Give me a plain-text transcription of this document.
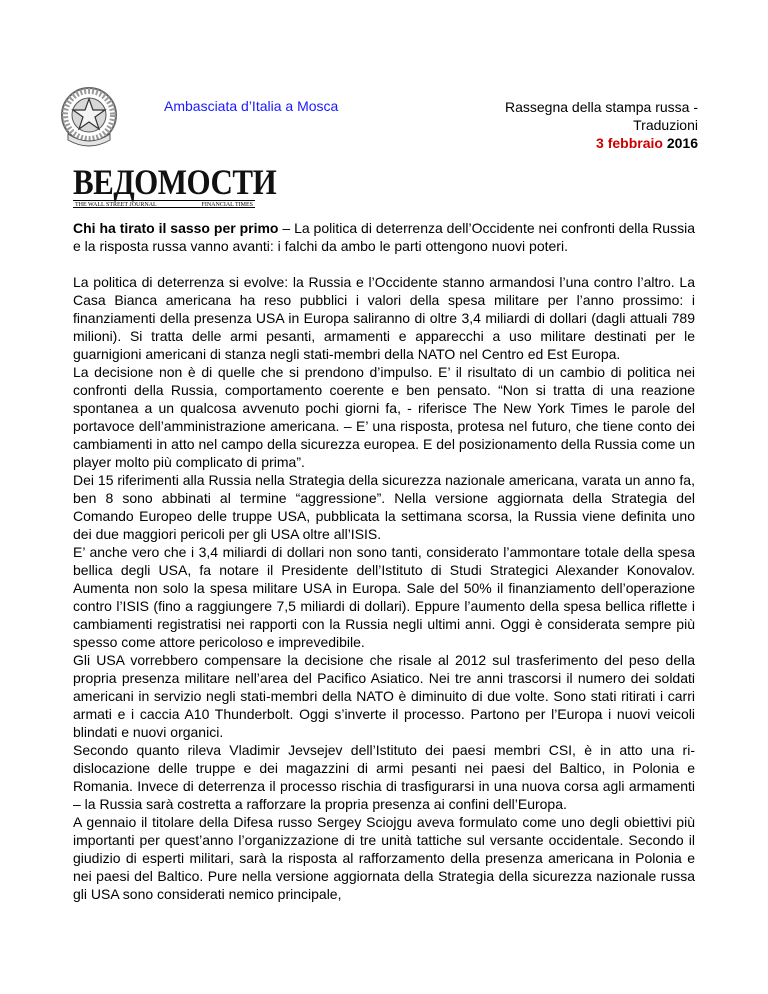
Ambasciata d’Italia a Mosca	Rassegna della stampa russa -
Traduzioni
3 febbraio 2016
ВЕДОМОСТИ
THE WALL STREET JOURNAL	FINANCIAL TIMES

Chi ha tirato il sasso per primo – La politica di deterrenza dell’Occidente nei confronti della Russia e la risposta russa vanno avanti: i falchi da ambo le parti ottengono nuovi poteri.

La politica di deterrenza si evolve: la Russia e l’Occidente stanno armandosi l’una contro l’altro. La Casa Bianca americana ha reso pubblici i valori della spesa militare per l’anno prossimo: i finanziamenti della presenza USA in Europa saliranno di oltre 3,4 miliardi di dollari (dagli attuali 789 milioni). Si tratta delle armi pesanti, armamenti e apparecchi a uso militare destinati per le guarnigioni americani di stanza negli stati-membri della NATO nel Centro ed Est Europa.

La decisione non è di quelle che si prendono d’impulso. E’ il risultato di un cambio di politica nei confronti della Russia, comportamento coerente e ben pensato. “Non si tratta di una reazione spontanea a un qualcosa avvenuto pochi giorni fa, - riferisce The New York Times le parole del portavoce dell’amministrazione americana. – E’ una risposta, protesa nel futuro, che tiene conto dei cambiamenti in atto nel campo della sicurezza europea. E del posizionamento della Russia come un player molto più complicato di prima”.

Dei 15 riferimenti alla Russia nella Strategia della sicurezza nazionale americana, varata un anno fa, ben 8 sono abbinati al termine “aggressione”. Nella versione aggiornata della Strategia del Comando Europeo delle truppe USA, pubblicata la settimana scorsa, la Russia viene definita uno dei due maggiori pericoli per gli USA oltre all’ISIS.

E’ anche vero che i 3,4 miliardi di dollari non sono tanti, considerato l’ammontare totale della spesa bellica degli USA, fa notare il Presidente dell’Istituto di Studi Strategici Alexander Konovalov. Aumenta non solo la spesa militare USA in Europa. Sale del 50% il finanziamento dell’operazione contro l’ISIS (fino a raggiungere 7,5 miliardi di dollari). Eppure l’aumento della spesa bellica riflette i cambiamenti registratisi nei rapporti con la Russia negli ultimi anni. Oggi è considerata sempre più spesso come attore pericoloso e imprevedibile.

Gli USA vorrebbero compensare la decisione che risale al 2012 sul trasferimento del peso della propria presenza militare nell’area del Pacifico Asiatico. Nei tre anni trascorsi il numero dei soldati americani in servizio negli stati-membri della NATO è diminuito di due volte. Sono stati ritirati i carri armati e i caccia A10 Thunderbolt. Oggi s’inverte il processo. Partono per l’Europa i nuovi veicoli blindati e nuovi organici.

Secondo quanto rileva Vladimir Jevsejev dell’Istituto dei paesi membri CSI, è in atto una ri-dislocazione delle truppe e dei magazzini di armi pesanti nei paesi del Baltico, in Polonia e Romania. Invece di deterrenza il processo rischia di trasfigurarsi in una nuova corsa agli armamenti – la Russia sarà costretta a rafforzare la propria presenza ai confini dell’Europa.

A gennaio il titolare della Difesa russo Sergey Sciojgu aveva formulato come uno degli obiettivi più importanti per quest’anno l’organizzazione di tre unità tattiche sul versante occidentale. Secondo il giudizio di esperti militari, sarà la risposta al rafforzamento della presenza americana in Polonia e nei paesi del Baltico. Pure nella versione aggiornata della Strategia della sicurezza nazionale russa gli USA sono considerati nemico principale,
